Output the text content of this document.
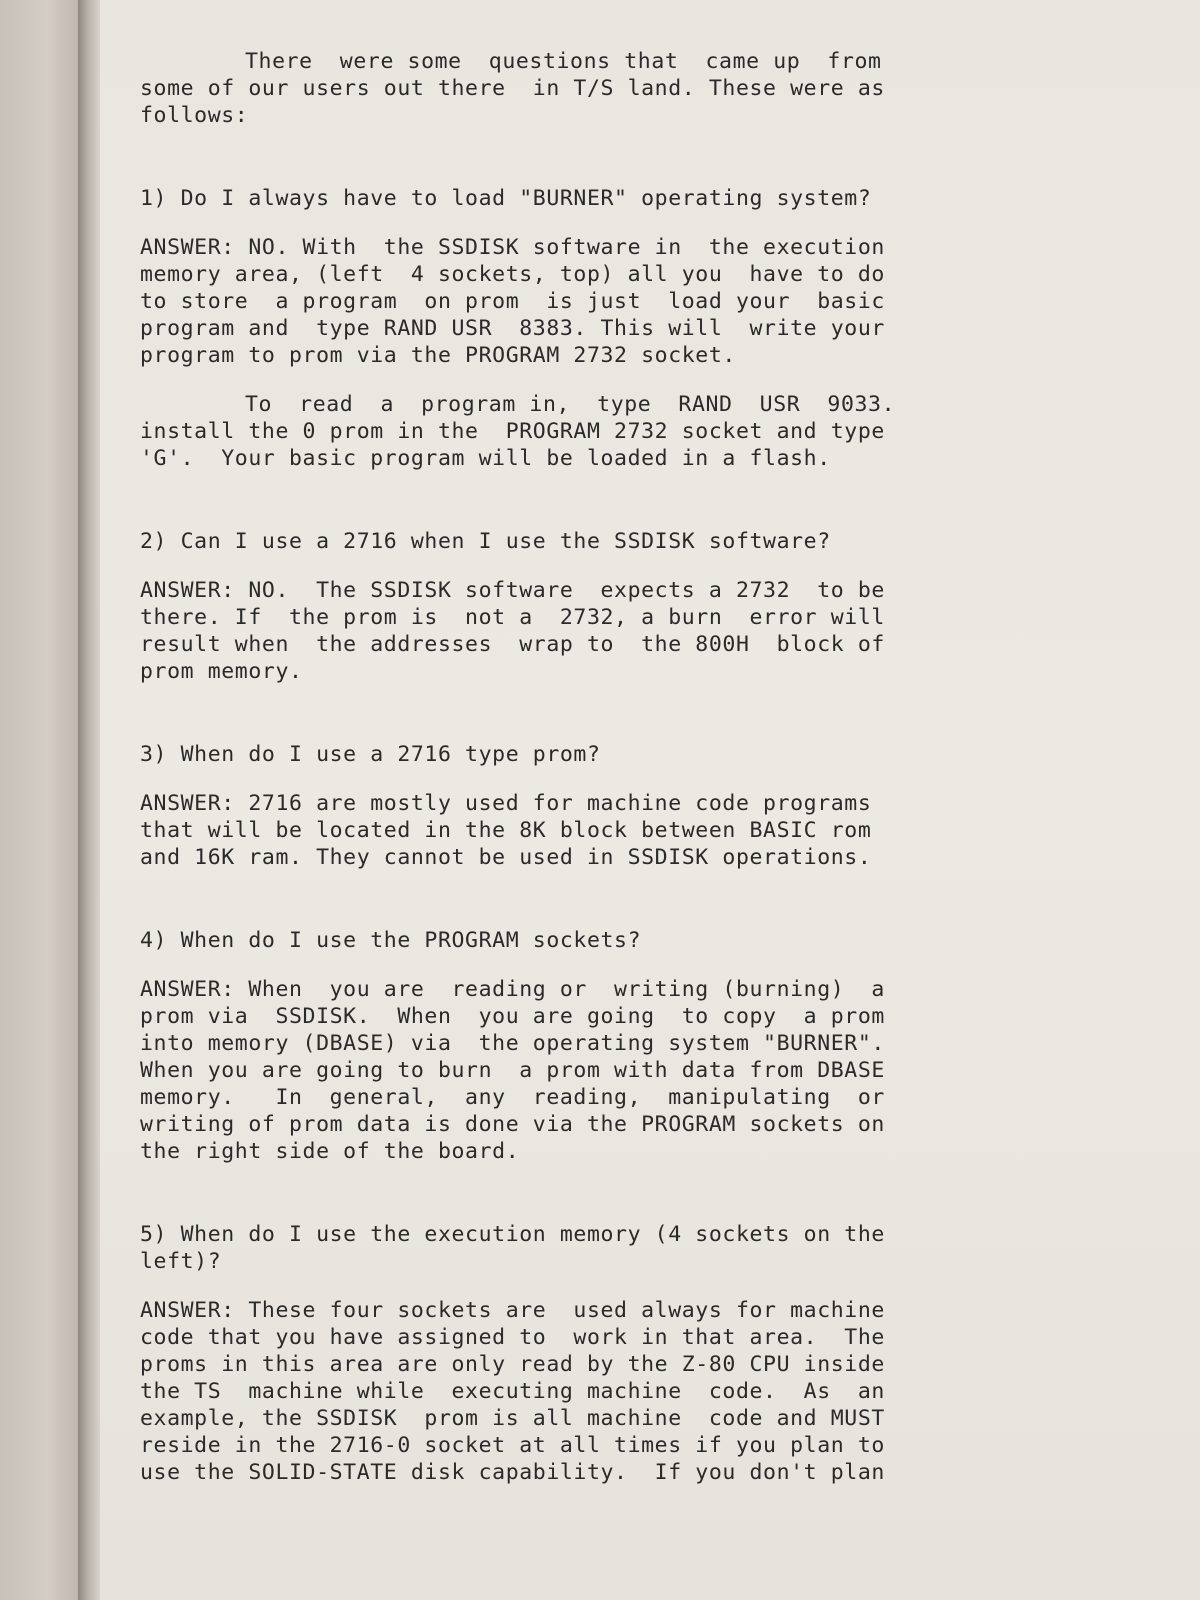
There  were some  questions that  came up  from

some of our users out there  in T/S land. These were as

follows:

1) Do I always have to load "BURNER" operating system?

ANSWER: NO. With  the SSDISK software in  the execution

memory area, (left  4 sockets, top) all you  have to do

to store  a program  on prom  is just  load your  basic

program and  type RAND USR  8383. This will  write your

program to prom via the PROGRAM 2732 socket.

To  read  a  program in,  type  RAND  USR  9033.

install the 0 prom in the  PROGRAM 2732 socket and type

'G'.  Your basic program will be loaded in a flash.

2) Can I use a 2716 when I use the SSDISK software?

ANSWER: NO.  The SSDISK software  expects a 2732  to be

there. If  the prom is  not a  2732, a burn  error will

result when  the addresses  wrap to  the 800H  block of

prom memory.

3) When do I use a 2716 type prom?

ANSWER: 2716 are mostly used for machine code programs

that will be located in the 8K block between BASIC rom

and 16K ram. They cannot be used in SSDISK operations.

4) When do I use the PROGRAM sockets?

ANSWER: When  you are  reading or  writing (burning)  a

prom via  SSDISK.  When  you are going  to copy  a prom

into memory (DBASE) via  the operating system "BURNER".

When you are going to burn  a prom with data from DBASE

memory.   In  general,  any  reading,  manipulating  or

writing of prom data is done via the PROGRAM sockets on

the right side of the board.

5) When do I use the execution memory (4 sockets on the

left)?

ANSWER: These four sockets are  used always for machine

code that you have assigned to  work in that area.  The

proms in this area are only read by the Z-80 CPU inside

the TS  machine while  executing machine  code.  As  an

example, the SSDISK  prom is all machine  code and MUST

reside in the 2716-0 socket at all times if you plan to

use the SOLID-STATE disk capability.  If you don't plan
